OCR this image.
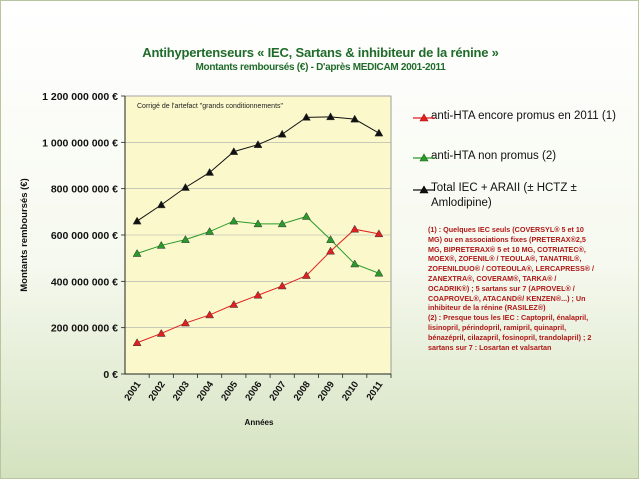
Antihypertenseurs « IEC, Sartans & inhibiteur de la rénine »
Montants remboursés (€) - D'après MEDICAM 2001-2011
0 €
200 000 000 €
400 000 000 €
600 000 000 €
800 000 000 €
1 000 000 000 €
1 200 000 000 €
2001 2002 2003 2004 2005 2006 2007 2008 2009 2010 2011
Corrigé de l'artefact "grands conditionnements"
Montants remboursés (€)
Années
anti-HTA encore promus en 2011 (1)
anti-HTA non promus (2)
Total IEC + ARAII (± HCTZ ± Amlodipine)
(1) : Quelques IEC seuls (COVERSYL® 5 et 10
MG) ou en associations fixes (PRETERAX®2,5
MG, BIPRETERAX® 5 et 10 MG, COTRIATEC®,
MOEX®, ZOFENIL® / TEOULA®, TANATRIL®,
ZOFENILDUO® / COTEOULA®, LERCAPRESS® /
ZANEXTRA®, COVERAM®, TARKA® /
OCADRIK®) ; 5 sartans sur 7 (APROVEL® /
COAPROVEL®, ATACAND®/ KENZEN®...) ; Un
inhibiteur de la rénine (RASILEZ®)
(2) : Presque tous les IEC : Captopril, énalapril,
lisinopril, périndopril, ramipril, quinapril,
bénazépril, cilazapril, fosinopril, trandolapril) ; 2
sartans sur 7 : Losartan et valsartan
